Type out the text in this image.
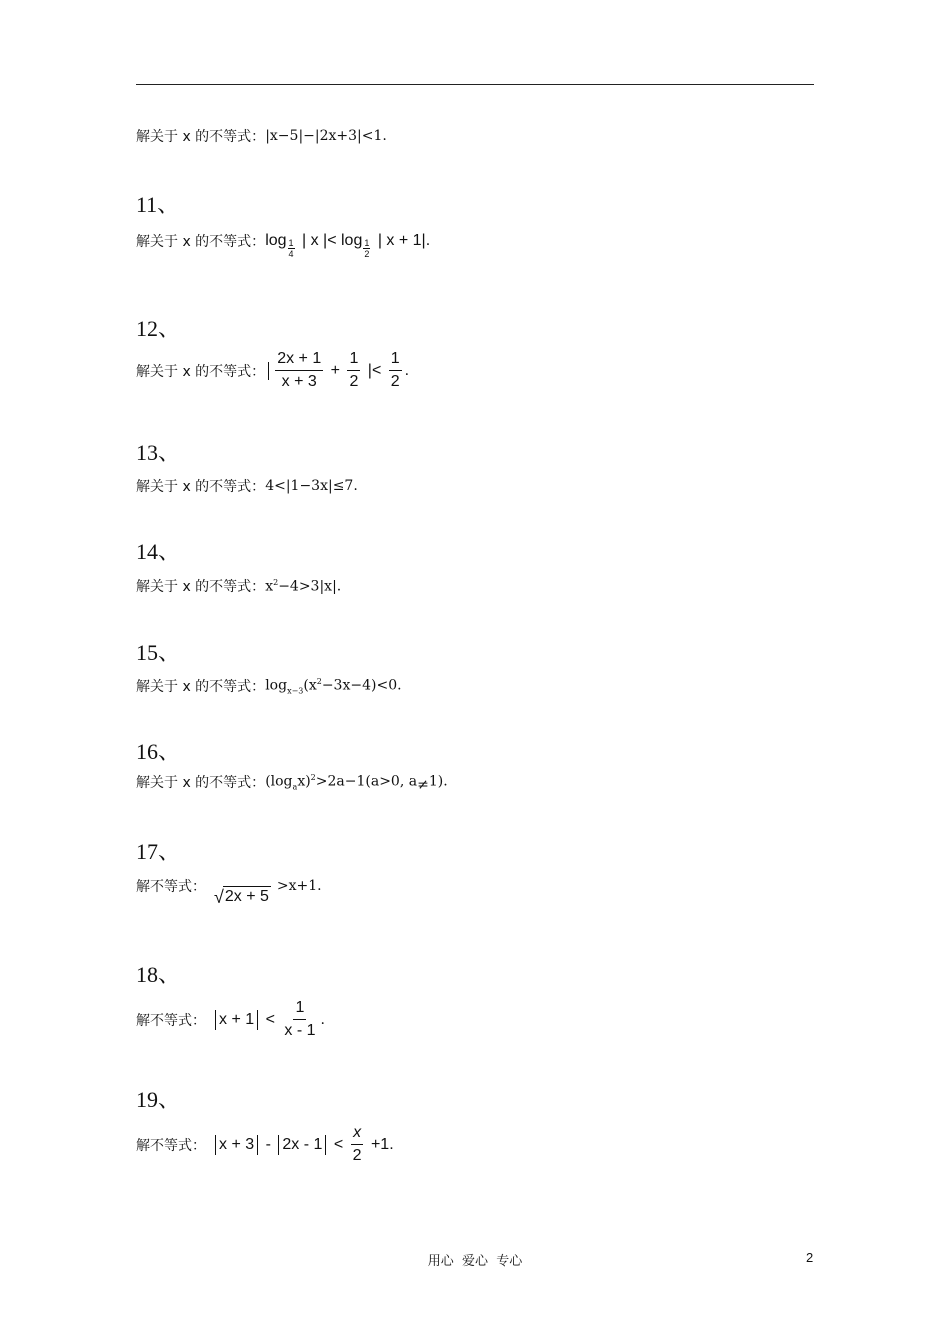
解关于 x 的不等式： |x−5|−|2x+3|<1.
11、
解关于 x 的不等式： $\log \frac{1}{4}$ | x |< $\log \frac{1}{2}$ | x + 1| .
12、
解关于 x 的不等式： $\frac{2x + 1}{x + 3} + \frac{1}{2}$ |< $\frac{1}{2}$ .
13、
解关于 x 的不等式： 4<|1−3x|≤7.
14、
解关于 x 的不等式： $x^2-4>3|x|$.
15、
解关于 x 的不等式： $\log_{x-3}(x^2-3x-4)<0$.
16、
解关于 x 的不等式： $(\log_ax)^2>2a-1(a>0$, a≠1).
17、
解不等式： √ 2x + 5
>x+1.
18、
解不等式： $x + 1 < \frac{1}{x - 1}$ .
19、
解不等式： $x + 3 - 2x - 1 < \frac{x}{2} +1$.
用心  爱心  专心	2
